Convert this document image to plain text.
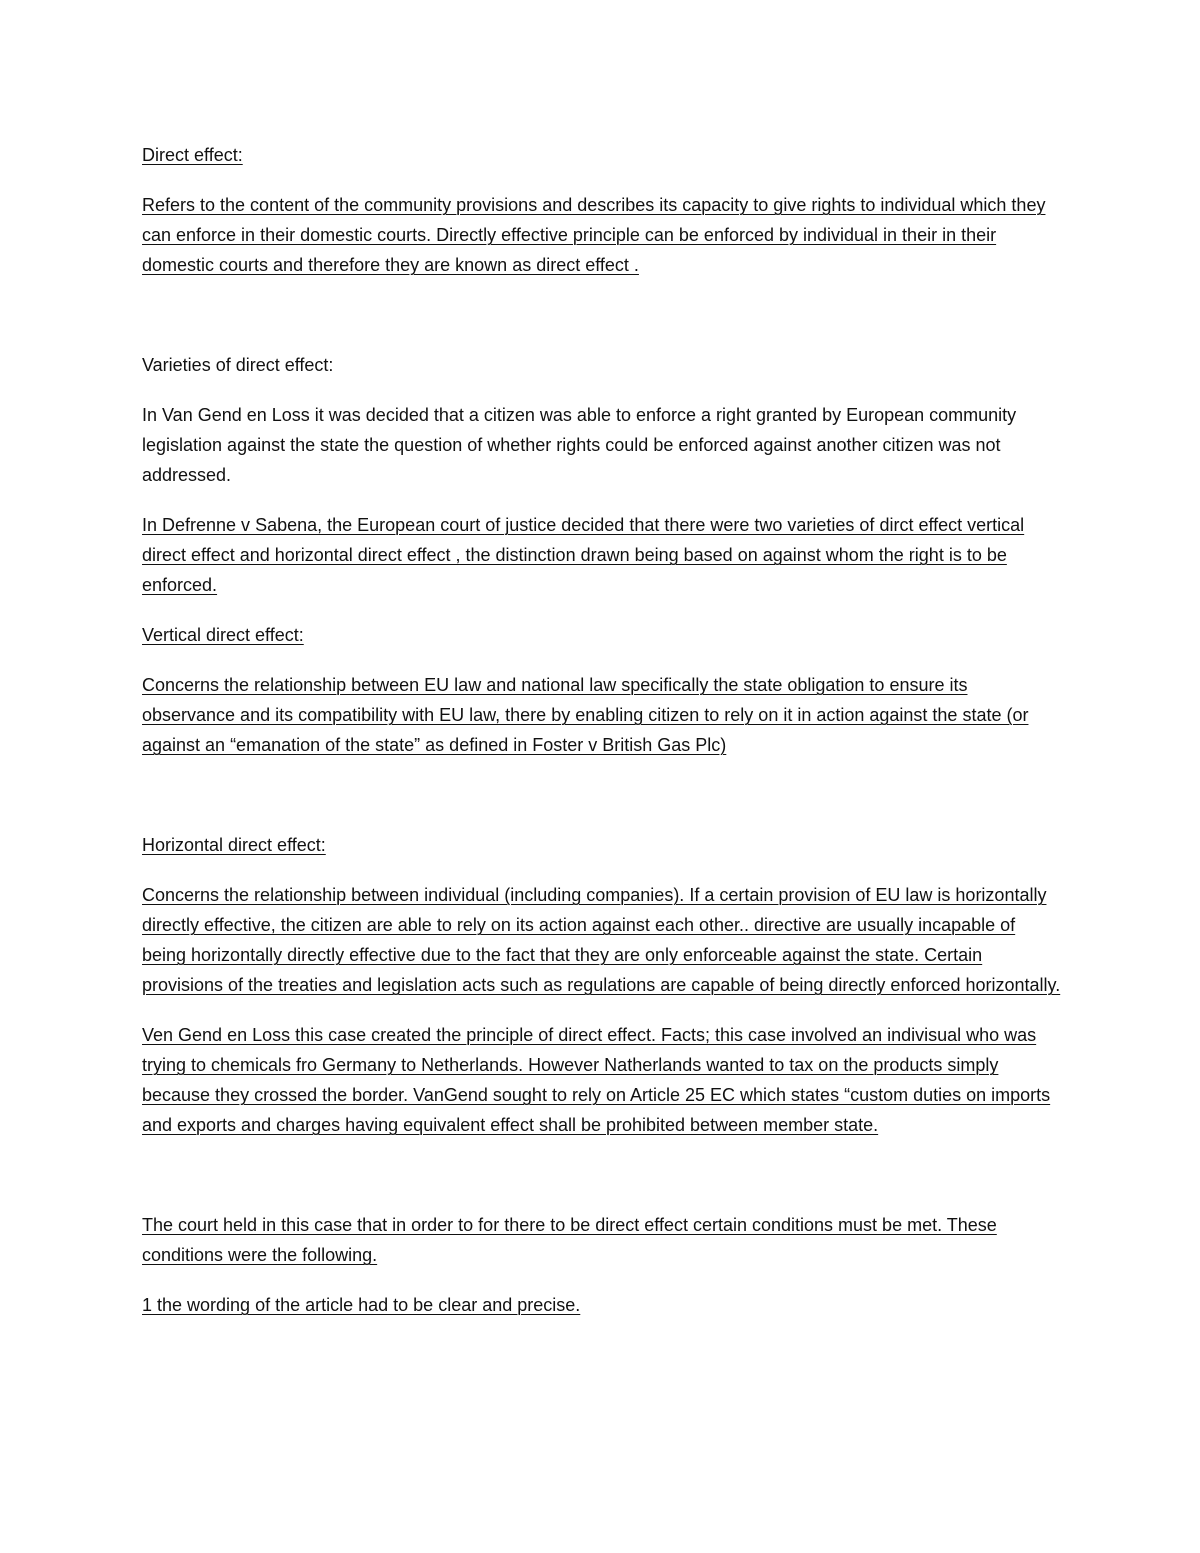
Direct effect:

Refers to the content of the community provisions and describes its capacity to give rights to individual which they can enforce in their domestic courts. Directly effective principle can be enforced by individual in their in their domestic courts and therefore they are known as direct effect .

Varieties of direct effect:

In Van Gend en Loss it was decided that a citizen was able to enforce a right granted by European community legislation against the state the question of whether rights could be enforced against another citizen was not addressed.

In Defrenne v Sabena, the European court of justice decided that there were two varieties of dirct effect vertical direct effect and horizontal direct effect , the distinction drawn being based on against whom the right is to be enforced.

Vertical direct effect:

Concerns the relationship between EU law and national law specifically the state obligation to ensure its observance and its compatibility with EU law, there by enabling citizen to rely on it in action against the state (or against an “emanation of the state” as defined in Foster v British Gas Plc)

Horizontal direct effect:

Concerns the relationship between individual (including companies). If a certain provision of EU law is horizontally directly effective, the citizen are able to rely on its action against each other.. directive are usually incapable of being horizontally directly effective due to the fact that they are only enforceable against the state. Certain provisions of the treaties and legislation acts such as regulations are capable of being directly enforced horizontally.

Ven Gend en Loss this case created the principle of direct effect. Facts; this case involved an indivisual who was trying to chemicals fro Germany to Netherlands. However Natherlands wanted to tax on the products simply because they crossed the border. VanGend sought to rely on Article 25 EC which states “custom duties on imports and exports and charges having equivalent effect shall be prohibited between member state.

The court held in this case that in order to for there to be direct effect certain conditions must be met. These conditions were the following.

1 the wording of the article had to be clear and precise.
